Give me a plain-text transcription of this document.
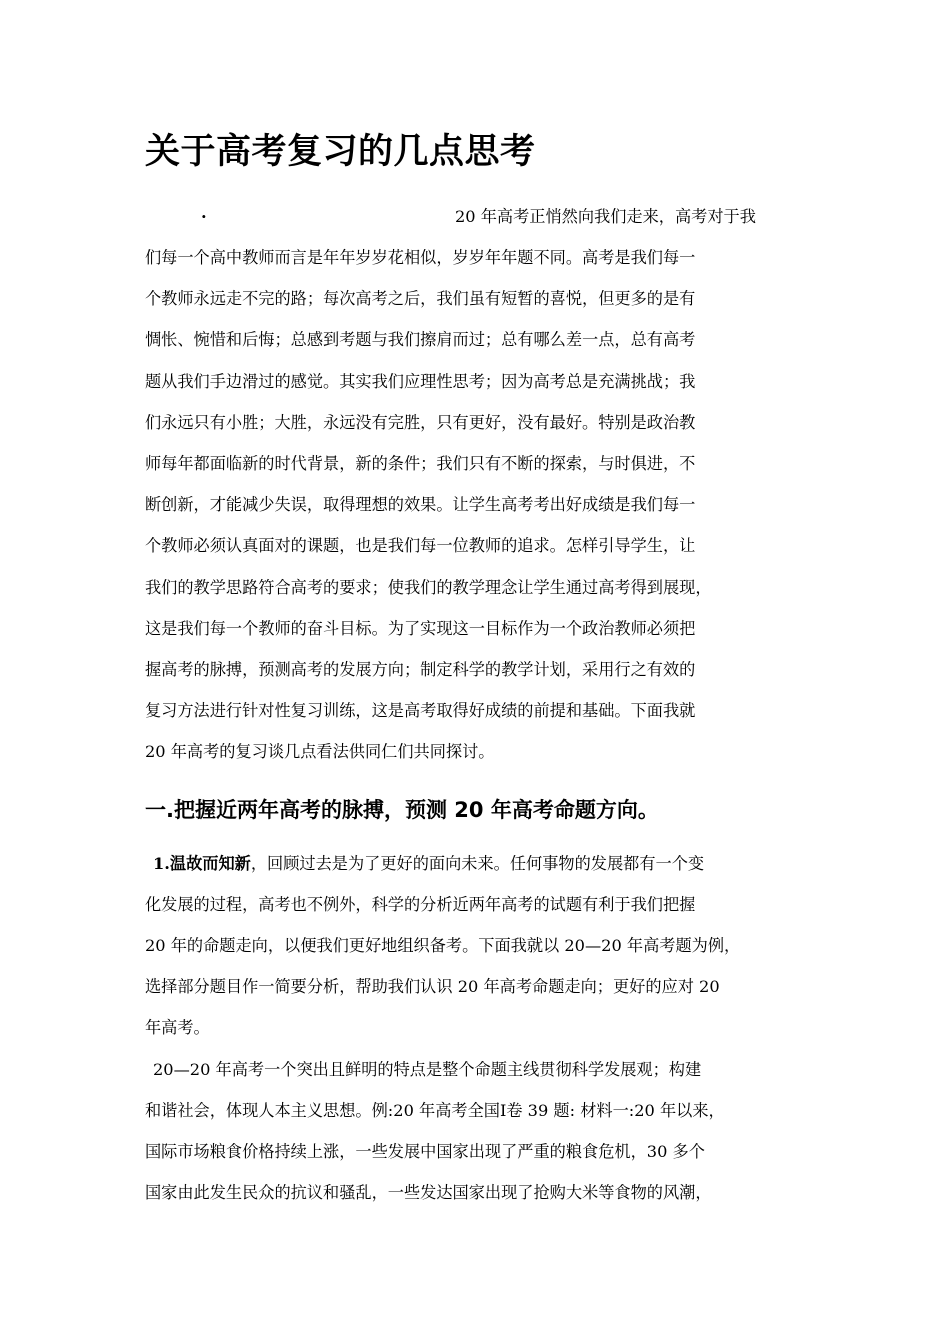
关于高考复习的几点思考
.	20 年高考正悄然向我们走来，高考对于我
们每一个高中教师而言是年年岁岁花相似，岁岁年年题不同。高考是我们每一
个教师永远走不完的路；每次高考之后，我们虽有短暂的喜悦，但更多的是有
惆怅、惋惜和后悔；总感到考题与我们擦肩而过；总有哪么差一点，总有高考
题从我们手边滑过的感觉。其实我们应理性思考；因为高考总是充满挑战；我
们永远只有小胜；大胜，永远没有完胜，只有更好，没有最好。特别是政治教
师每年都面临新的时代背景，新的条件；我们只有不断的探索，与时俱进，不
断创新，才能减少失误，取得理想的效果。让学生高考考出好成绩是我们每一
个教师必须认真面对的课题，也是我们每一位教师的追求。怎样引导学生，让
我们的教学思路符合高考的要求；使我们的教学理念让学生通过高考得到展现，
这是我们每一个教师的奋斗目标。为了实现这一目标作为一个政治教师必须把
握高考的脉搏，预测高考的发展方向；制定科学的教学计划，采用行之有效的
复习方法进行针对性复习训练，这是高考取得好成绩的前提和基础。下面我就
20 年高考的复习谈几点看法供同仁们共同探讨。
一.把握近两年高考的脉搏，预测 20 年高考命题方向。
1.温故而知新，回顾过去是为了更好的面向未来。任何事物的发展都有一个变
化发展的过程，高考也不例外，科学的分析近两年高考的试题有利于我们把握
20 年的命题走向，以便我们更好地组织备考。下面我就以 20—20 年高考题为例，
选择部分题目作一简要分析，帮助我们认识 20 年高考命题走向；更好的应对 20
年高考。
20—20 年高考一个突出且鲜明的特点是整个命题主线贯彻科学发展观；构建
和谐社会，体现人本主义思想。例:20 年高考全国Ⅰ卷 39 题: 材料一:20 年以来，
国际市场粮食价格持续上涨，一些发展中国家出现了严重的粮食危机，30 多个
国家由此发生民众的抗议和骚乱，一些发达国家出现了抢购大米等食物的风潮，
